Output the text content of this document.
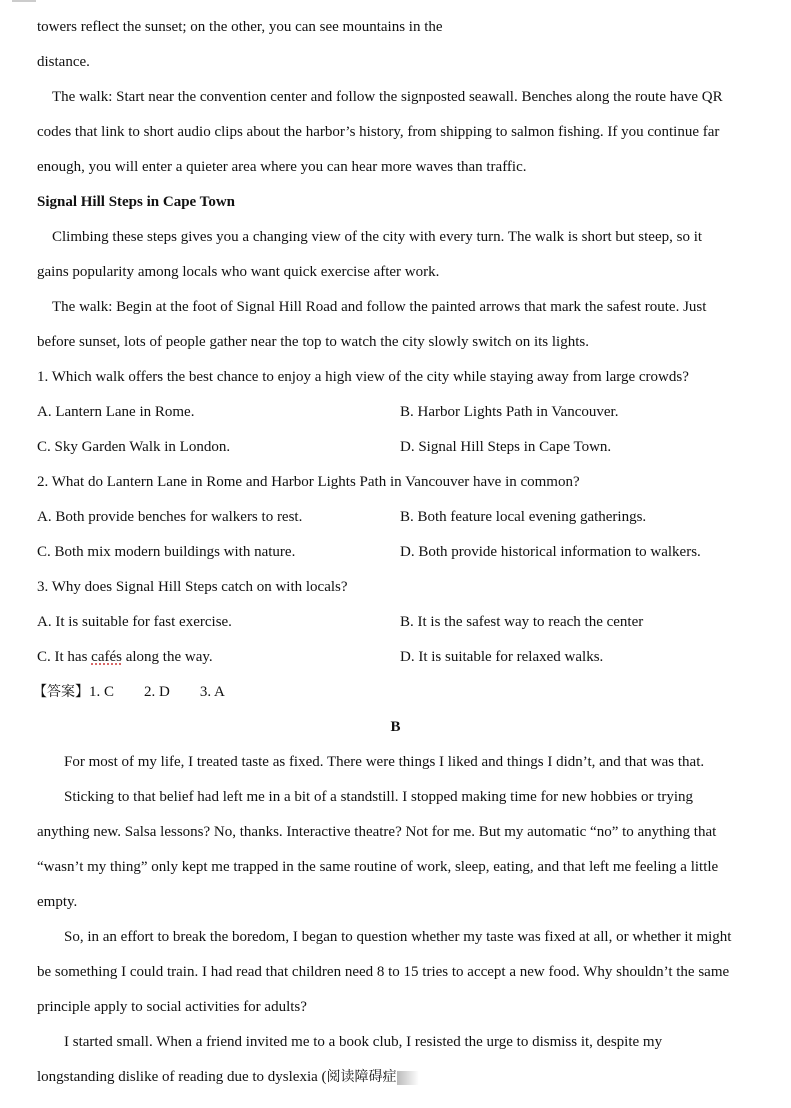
towers reflect the sunset; on the other, you can see mountains in the
distance.
The walk: Start near the convention center and follow the signposted seawall. Benches along the route have QR
codes that link to short audio clips about the harbor’s history, from shipping to salmon fishing. If you continue far
enough, you will enter a quieter area where you can hear more waves than traffic.
Signal Hill Steps in Cape Town
Climbing these steps gives you a changing view of the city with every turn. The walk is short but steep, so it
gains popularity among locals who want quick exercise after work.
The walk: Begin at the foot of Signal Hill Road and follow the painted arrows that mark the safest route. Just
before sunset, lots of people gather near the top to watch the city slowly switch on its lights.
1. Which walk offers the best chance to enjoy a high view of the city while staying away from large crowds?
A. Lantern Lane in Rome.	B. Harbor Lights Path in Vancouver.
C. Sky Garden Walk in London.	D. Signal Hill Steps in Cape Town.
2. What do Lantern Lane in Rome and Harbor Lights Path in Vancouver have in common?
A. Both provide benches for walkers to rest.	B. Both feature local evening gatherings.
C. Both mix modern buildings with nature.	D. Both provide historical information to walkers.
3. Why does Signal Hill Steps catch on with locals?
A. It is suitable for fast exercise.	B. It is the safest way to reach the center
C. It has cafés along the way.	D. It is suitable for relaxed walks.
【答案】1. C        2. D        3. A
B
For most of my life, I treated taste as fixed. There were things I liked and things I didn’t, and that was that.
Sticking to that belief had left me in a bit of a standstill. I stopped making time for new hobbies or trying
anything new. Salsa lessons? No, thanks. Interactive theatre? Not for me. But my automatic “no” to anything that
“wasn’t my thing” only kept me trapped in the same routine of work, sleep, eating, and that left me feeling a little
empty.
So, in an effort to break the boredom, I began to question whether my taste was fixed at all, or whether it might
be something I could train. I had read that children need 8 to 15 tries to accept a new food. Why shouldn’t the same
principle apply to social activities for adults?
I started small. When a friend invited me to a book club, I resisted the urge to dismiss it, despite my
longstanding dislike of reading due to dyslexia (阅读障碍症
